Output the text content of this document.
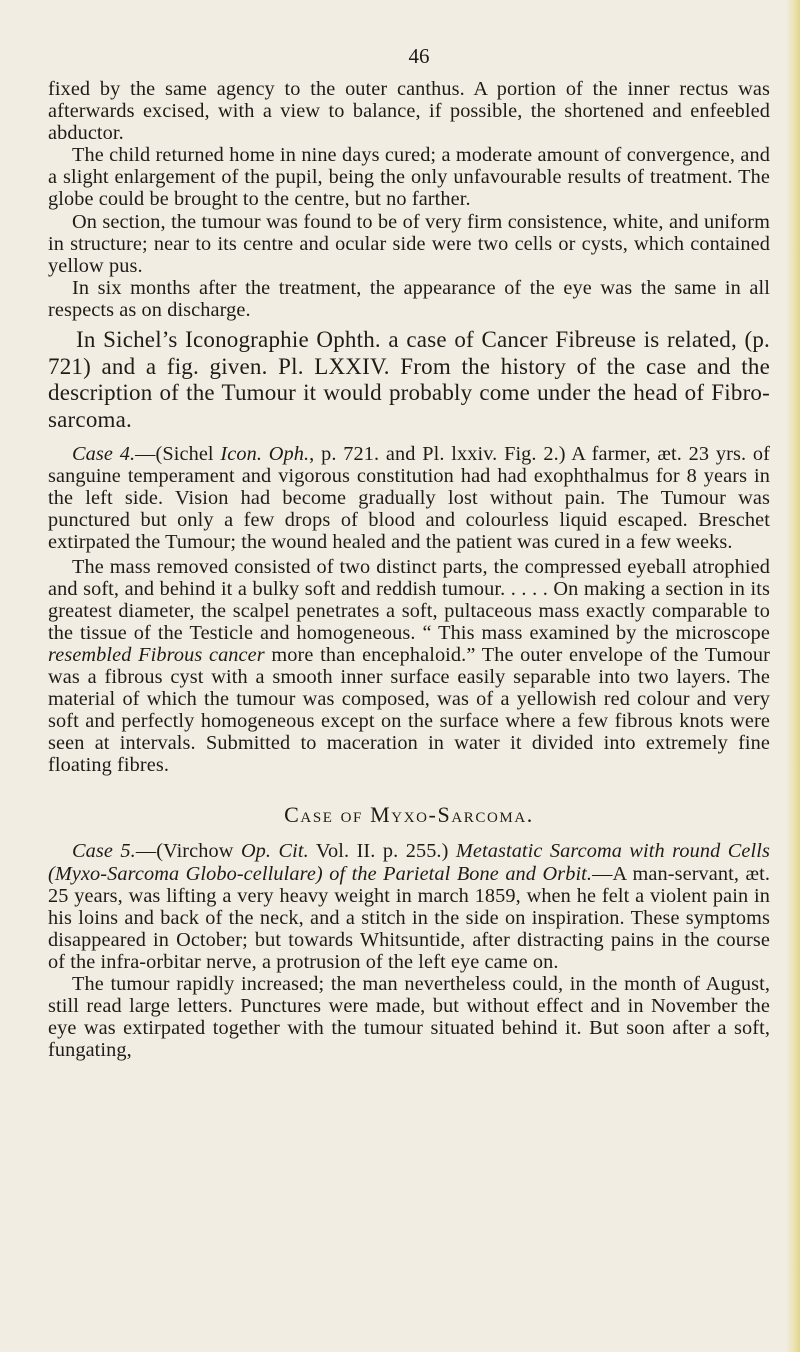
46

fixed by the same agency to the outer canthus. A portion of the inner rectus was afterwards excised, with a view to balance, if possible, the shortened and enfeebled abductor.

The child returned home in nine days cured; a moderate amount of convergence, and a slight enlargement of the pupil, being the only unfavourable results of treatment. The globe could be brought to the centre, but no farther.

On section, the tumour was found to be of very firm consistence, white, and uniform in structure; near to its centre and ocular side were two cells or cysts, which contained yellow pus.

In six months after the treatment, the appearance of the eye was the same in all respects as on discharge.

In Sichel’s Iconographie Ophth. a case of Cancer Fibreuse is related, (p. 721) and a fig. given. Pl. LXXIV. From the history of the case and the description of the Tumour it would probably come under the head of Fibro-sarcoma.

Case 4.—(Sichel Icon. Oph., p. 721. and Pl. lxxiv. Fig. 2.) A farmer, æt. 23 yrs. of sanguine temperament and vigorous constitution had had exophthalmus for 8 years in the left side. Vision had become gradually lost without pain. The Tumour was punctured but only a few drops of blood and colourless liquid escaped. Breschet extirpated the Tumour; the wound healed and the patient was cured in a few weeks.

The mass removed consisted of two distinct parts, the compressed eyeball atrophied and soft, and behind it a bulky soft and reddish tumour. . . . . On making a section in its greatest diameter, the scalpel penetrates a soft, pultaceous mass exactly comparable to the tissue of the Testicle and homogeneous. “ This mass examined by the microscope resembled Fibrous cancer more than encephaloid.” The outer envelope of the Tumour was a fibrous cyst with a smooth inner surface easily separable into two layers. The material of which the tumour was composed, was of a yellowish red colour and very soft and perfectly homogeneous except on the surface where a few fibrous knots were seen at intervals. Submitted to maceration in water it divided into extremely fine floating fibres.

Case of Myxo-Sarcoma.

Case 5.—(Virchow Op. Cit. Vol. II. p. 255.) Metastatic Sarcoma with round Cells (Myxo-Sarcoma Globo-cellulare) of the Parietal Bone and Orbit.—A man-servant, æt. 25 years, was lifting a very heavy weight in march 1859, when he felt a violent pain in his loins and back of the neck, and a stitch in the side on inspiration. These symptoms disappeared in October; but towards Whitsuntide, after distracting pains in the course of the infra-orbitar nerve, a protrusion of the left eye came on.

The tumour rapidly increased; the man nevertheless could, in the month of August, still read large letters. Punctures were made, but without effect and in November the eye was extirpated together with the tumour situated behind it. But soon after a soft, fungating,
